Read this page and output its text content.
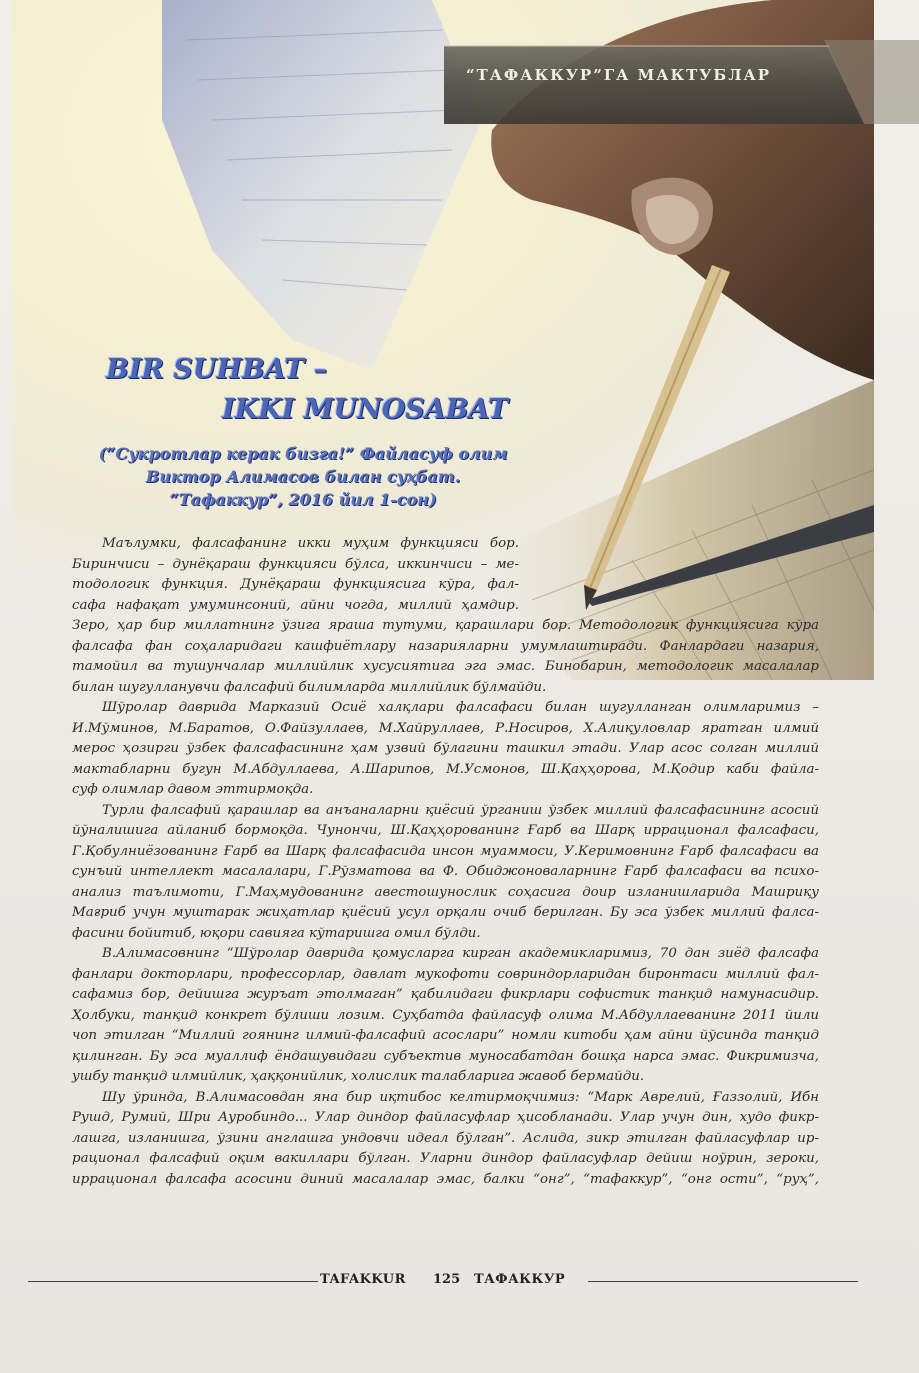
“ТАФАККУР”ГА МАКТУБЛАР
BIR SUHBAT –
IKKI MUNOSABAT
(“Сукротлар керак бизга!” Файласуф олим
Виктор Алимасов билан суҳбат.
“Тафаккур”, 2016 йил 1-сон)
Маълумки, фалсафанинг икки муҳим функцияси бор.
Биринчиси – дунёқараш функцияси бўлса, иккинчиси – ме-
тодологик функция. Дунёқараш функциясига кўра, фал-
сафа нафақат умуминсоний, айни чогда, миллий ҳамдир.
Зеро, ҳар бир миллатнинг ўзига яраша тутуми, қарашлари бор. Методологик функциясига кўра
фалсафа фан соҳаларидаги кашфиётлару назарияларни умумлаштиради. Фанлардаги назария,
тамойил ва тушунчалар миллийлик хусусиятига эга эмас. Бинобарин, методологик масалалар
билан шугулланувчи фалсафий билимларда миллийлик бўлмайди.
Шўролар даврида Марказий Осиё халқлари фалсафаси билан шугулланган олимларимиз –
И.Мўминов, М.Баратов, О.Файзуллаев, М.Хайруллаев, Р.Носиров, Х.Алиқуловлар яратган илмий
мерос ҳозирги ўзбек фалсафасининг ҳам узвий бўлагини ташкил этади. Улар асос солган миллий
мактабларни бугун М.Абдуллаева, А.Шарипов, М.Усмонов, Ш.Қаҳҳорова, М.Қодир каби файла-
суф олимлар давом эттирмоқда.
Турли фалсафий қарашлар ва анъаналарни қиёсий ўрганиш ўзбек миллий фалсафасининг асосий
йўналишига айланиб бормоқда. Чунончи, Ш.Қаҳҳорованинг Ғарб ва Шарқ иррационал фалсафаси,
Г.Қобулниёзованинг Ғарб ва Шарқ фалсафасида инсон муаммоси, У.Керимовнинг Ғарб фалсафаси ва
сунъий интеллект масалалари, Г.Рўзматова ва Ф. Обиджоноваларнинг Ғарб фалсафаси ва психо-
анализ таълимоти, Г.Маҳмудованинг авестошунослик соҳасига доир изланишларида Машриқу
Мағриб учун муштарак жиҳатлар қиёсий усул орқали очиб берилган. Бу эса ўзбек миллий фалса-
фасини бойитиб, юқори савияга кўтаришга омил бўлди.
В.Алимасовнинг “Шўролар даврида қомусларга кирган академикларимиз, 70 дан зиёд фалсафа
фанлари докторлари, профессорлар, давлат мукофоти совриндорларидан биронтаси миллий фал-
сафамиз бор, дейишга журъат этолмаган” қабилидаги фикрлари софистик танқид намунасидир.
Ҳолбуки, танқид конкрет бўлиши лозим. Суҳбатда файласуф олима М.Абдуллаеванинг 2011 йили
чоп этилган “Миллий гоянинг илмий-фалсафий асослари” номли китоби ҳам айни йўсинда танқид
қилинган. Бу эса муаллиф ёндашувидаги субъектив муносабатдан бошқа нарса эмас. Фикримизча,
ушбу танқид илмийлик, ҳаққонийлик, холислик талабларига жавоб бермайди.
Шу ўринда, В.Алимасовдан яна бир иқтибос келтирмоқчимиз: “Марк Аврелий, Ғаззолий, Ибн
Рушд, Румий, Шри Ауробиндо... Улар диндор файласуфлар ҳисобланади. Улар учун дин, худо фикр-
лашга, изланишга, ўзини англашга ундовчи идеал бўлган”. Аслида, зикр этилган файласуфлар ир-
рационал фалсафий оқим вакиллари бўлган. Уларни диндор файласуфлар дейиш ноўрин, зероки,
иррационал фалсафа асосини диний масалалар эмас, балки “онг”, “тафаккур”, “онг ости”, “руҳ”,
TAFAKKUR 125 ТАФАККУР
